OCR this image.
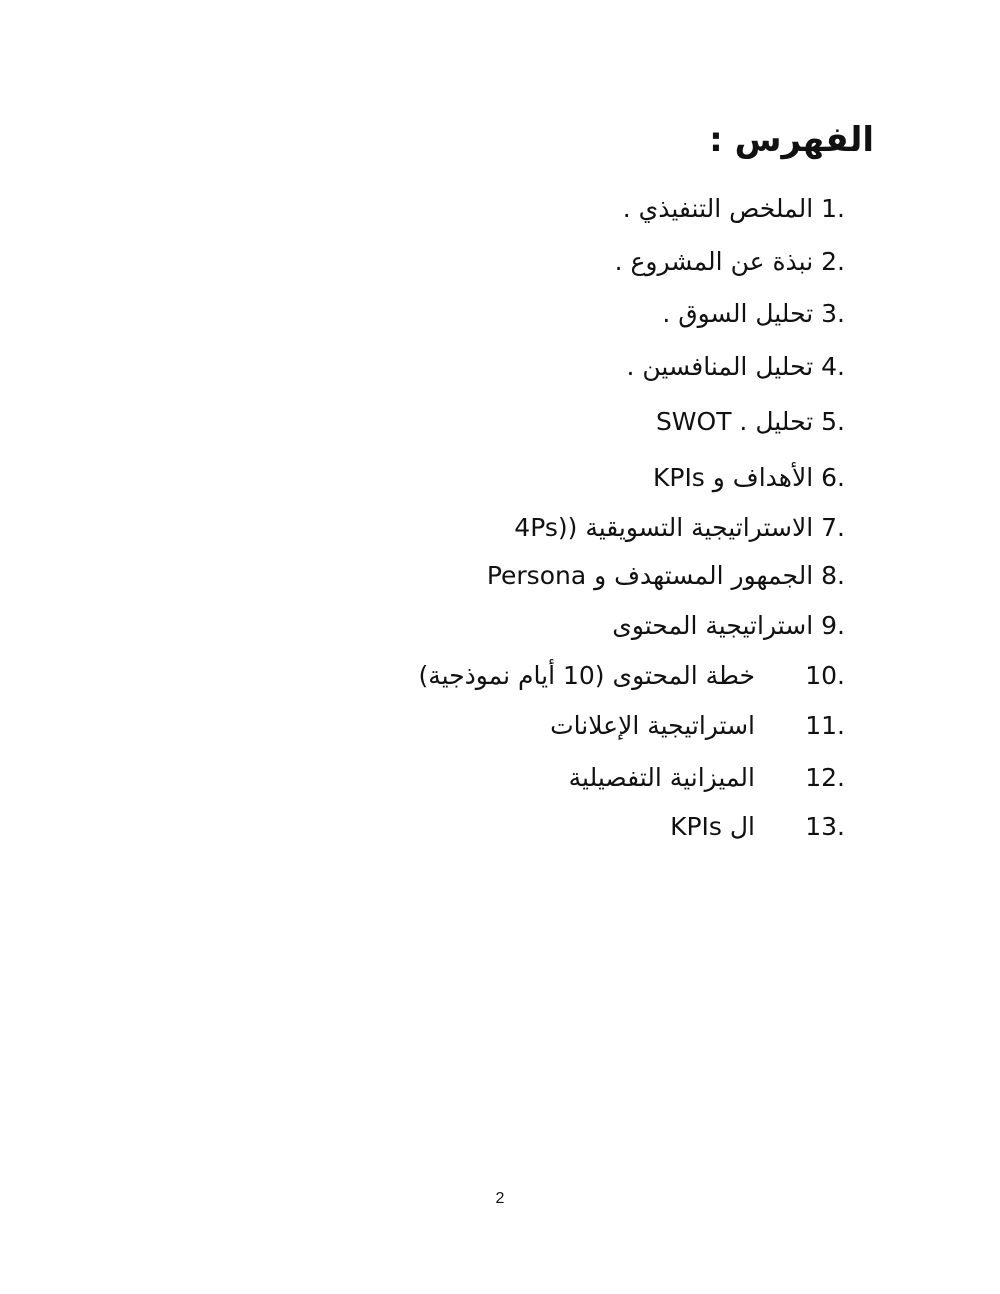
الفهرس :
1. الملخص التنفيذي .
2. نبذة عن المشروع .
3. تحليل السوق .
4. تحليل المنافسين .
5. تحليل . SWOT
6. الأهداف و KPIs
7. الاستراتيجية التسويقية ((4Ps
8. الجمهور المستهدف و Persona
9. استراتيجية المحتوى
10.
خطة المحتوى (10 أيام نموذجية)
11.
استراتيجية الإعلانات
12.
الميزانية التفصيلية
13.
ال KPIs
2
